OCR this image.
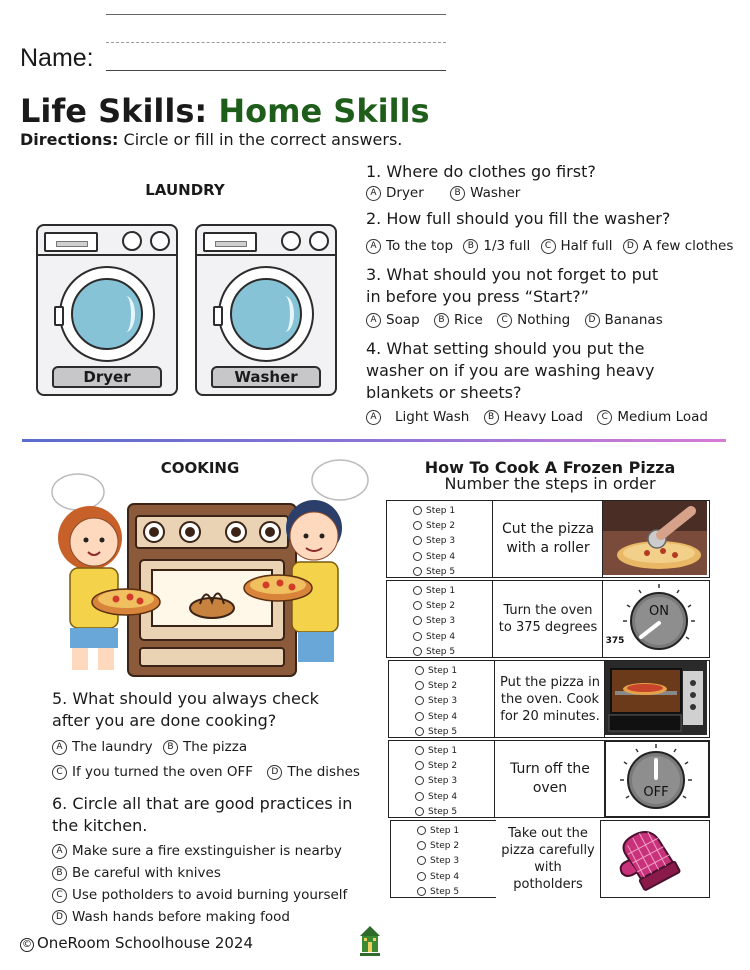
Name:
Life Skills: Home Skills
Directions: Circle or fill in the correct answers.
LAUNDRY
Dryer	Washer
1. Where do clothes go first?
A Dryer	B Washer
2. How full should you fill the washer?
A To the top B 1/3 full C Half full D A few clothes
3. What should you not forget to put
in before you press “Start?”
A Soap B Rice C Nothing D Bananas
4. What setting should you put the
washer on if you are washing heavy
blankets or sheets?
A Light Wash B Heavy Load C Medium Load
COOKING
5. What should you always check
after you are done cooking?
A The laundry B The pizza
C If you turned the oven OFF D The dishes
6. Circle all that are good practices in
the kitchen.
A Make sure a fire exstinguisher is nearby
B Be careful with knives
C Use potholders to avoid burning yourself
D Wash hands before making food
How To Cook A Frozen Pizza
Number the steps in order
Step 1
Step 2
Step 3
Step 4
Step 5
Cut the pizza with a roller
Step 1
Step 2
Step 3
Step 4
Step 5
Turn the oven to 375 degrees
ON
375
Step 1
Step 2
Step 3
Step 4
Step 5
Put the pizza in the oven. Cook for 20 minutes.
Step 1
Step 2
Step 3
Step 4
Step 5
Turn off the oven	OFF
Step 1
Step 2
Step 3
Step 4
Step 5
Take out the pizza carefully with potholders
© OneRoom Schoolhouse 2024
